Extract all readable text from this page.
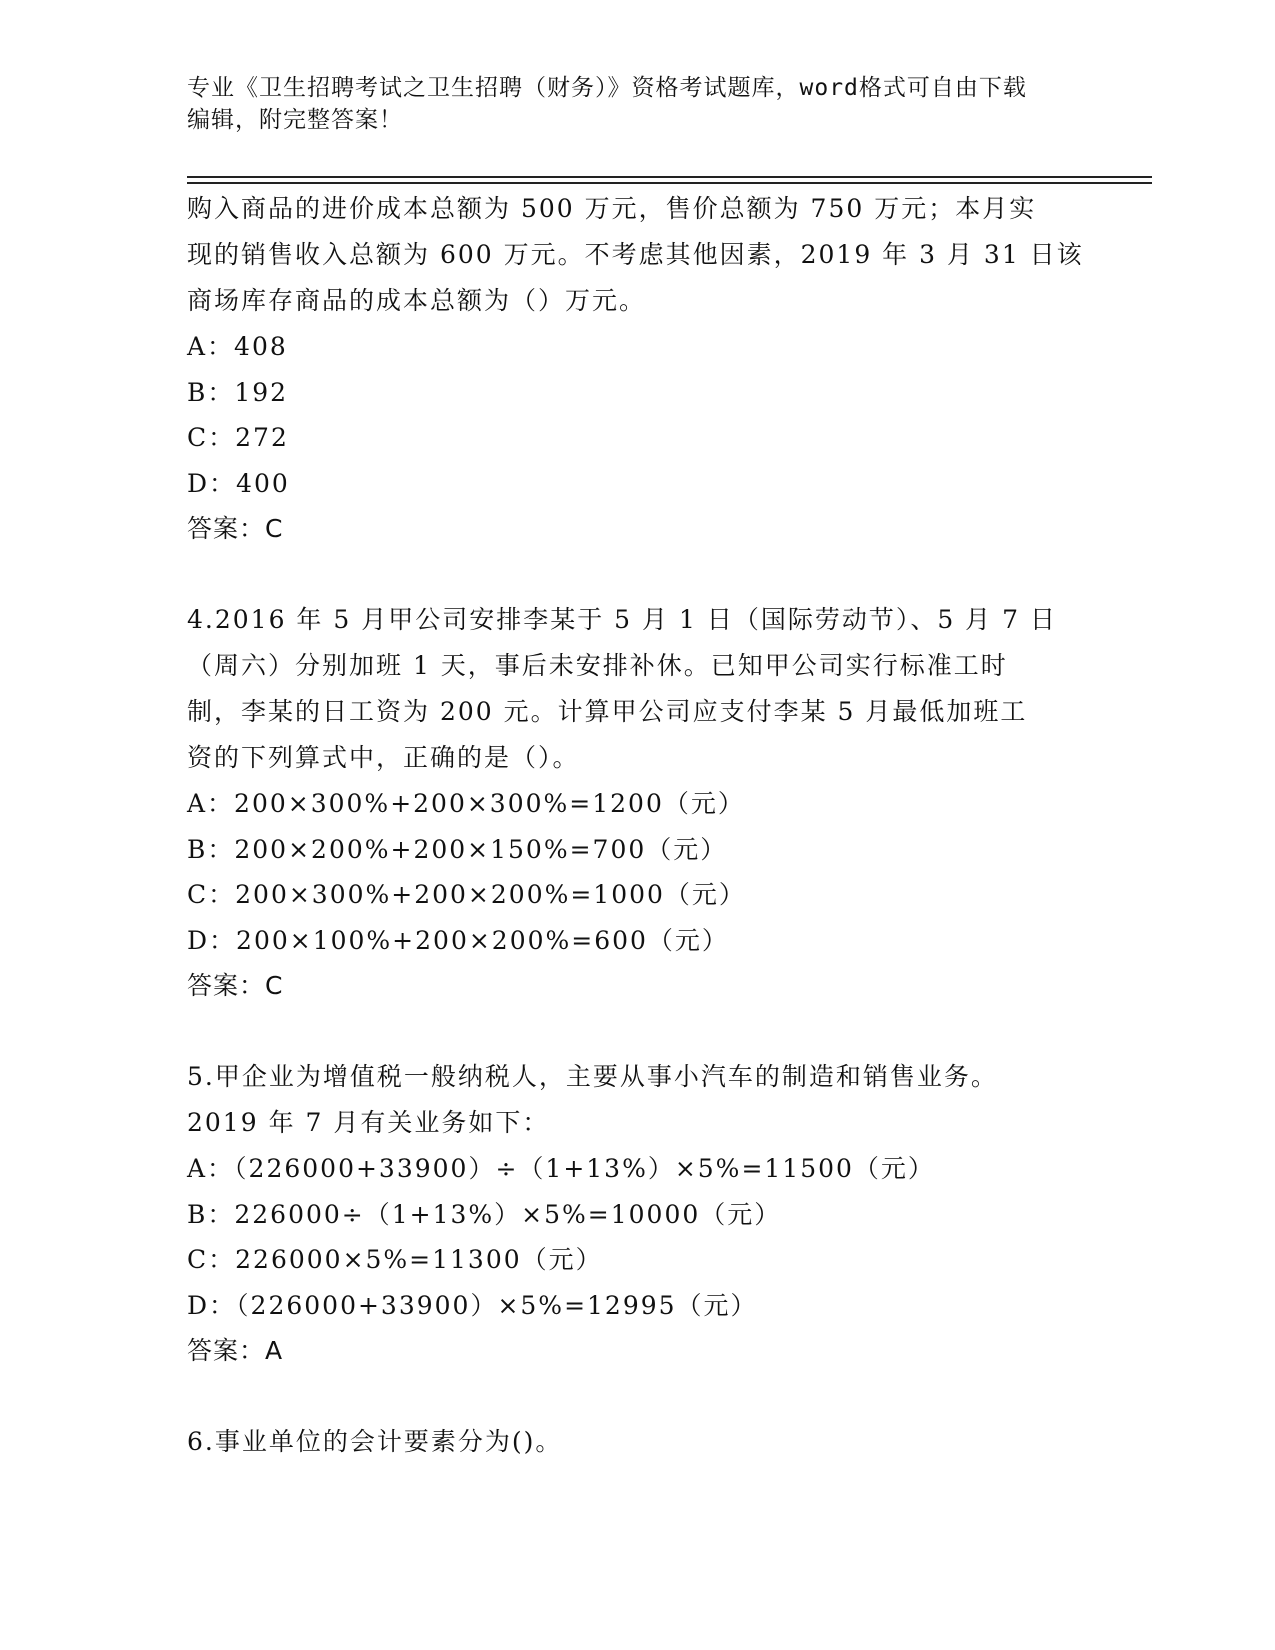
专业《卫生招聘考试之卫生招聘（财务）》资格考试题库，word格式可自由下载
编辑，附完整答案！

购入商品的进价成本总额为 500 万元，售价总额为 750 万元；本月实

现的销售收入总额为 600 万元。不考虑其他因素，2019 年 3 月 31 日该

商场库存商品的成本总额为（）万元。

A：408

B：192

C：272

D：400

答案：C

4.2016 年 5 月甲公司安排李某于 5 月 1 日（国际劳动节）、5 月 7 日

（周六）分别加班 1 天，事后未安排补休。已知甲公司实行标准工时

制，李某的日工资为 200 元。计算甲公司应支付李某 5 月最低加班工

资的下列算式中，正确的是（）。

A：200×300%+200×300%=1200（元）

B：200×200%+200×150%=700（元）

C：200×300%+200×200%=1000（元）

D：200×100%+200×200%=600（元）

答案：C

5.甲企业为增值税一般纳税人，主要从事小汽车的制造和销售业务。

2019 年 7 月有关业务如下：

A：（226000+33900）÷（1+13%）×5%=11500（元）

B：226000÷（1+13%）×5%=10000（元）

C：226000×5%=11300（元）

D：（226000+33900）×5%=12995（元）

答案：A

6.事业单位的会计要素分为()。
